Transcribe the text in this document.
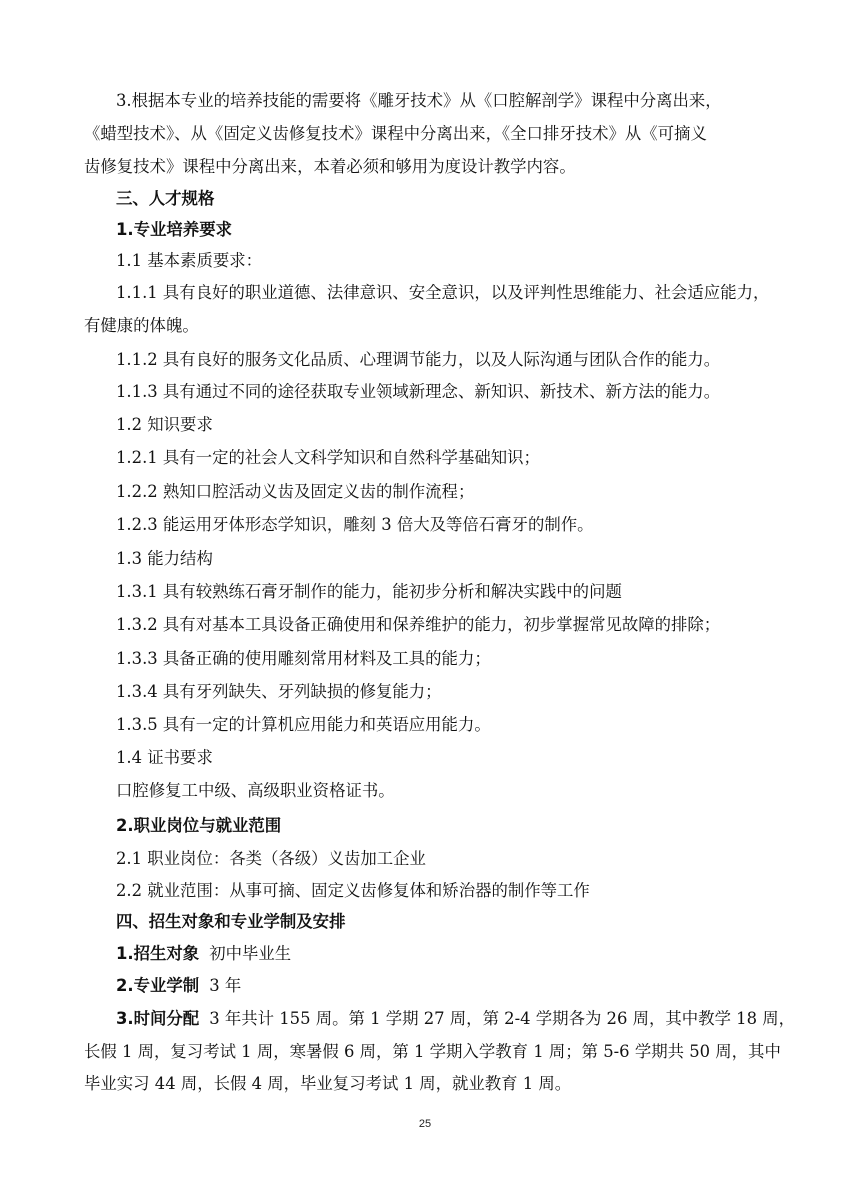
3.根据本专业的培养技能的需要将《雕牙技术》从《口腔解剖学》课程中分离出来，
《蜡型技术》、从《固定义齿修复技术》课程中分离出来，《全口排牙技术》从《可摘义
齿修复技术》课程中分离出来，本着必须和够用为度设计教学内容。
三、人才规格
1.专业培养要求
1.1 基本素质要求：
1.1.1 具有良好的职业道德、法律意识、安全意识，以及评判性思维能力、社会适应能力，
有健康的体魄。
1.1.2 具有良好的服务文化品质、心理调节能力，以及人际沟通与团队合作的能力。
1.1.3 具有通过不同的途径获取专业领域新理念、新知识、新技术、新方法的能力。
1.2 知识要求
1.2.1 具有一定的社会人文科学知识和自然科学基础知识；
1.2.2 熟知口腔活动义齿及固定义齿的制作流程；
1.2.3 能运用牙体形态学知识，雕刻 3 倍大及等倍石膏牙的制作。
1.3 能力结构
1.3.1 具有较熟练石膏牙制作的能力，能初步分析和解决实践中的问题
1.3.2 具有对基本工具设备正确使用和保养维护的能力，初步掌握常见故障的排除；
1.3.3 具备正确的使用雕刻常用材料及工具的能力；
1.3.4 具有牙列缺失、牙列缺损的修复能力；
1.3.5 具有一定的计算机应用能力和英语应用能力。
1.4 证书要求
口腔修复工中级、高级职业资格证书。
2.职业岗位与就业范围
2.1 职业岗位：各类（各级）义齿加工企业
2.2 就业范围：从事可摘、固定义齿修复体和矫治器的制作等工作
四、招生对象和专业学制及安排
1.招生对象 初中毕业生
2.专业学制 3 年
3.时间分配 3 年共计 155 周。第 1 学期 27 周，第 2-4 学期各为 26 周，其中教学 18 周，
长假 1 周，复习考试 1 周，寒暑假 6 周，第 1 学期入学教育 1 周；第 5-6 学期共 50 周，其中
毕业实习 44 周，长假 4 周，毕业复习考试 1 周，就业教育 1 周。
25
